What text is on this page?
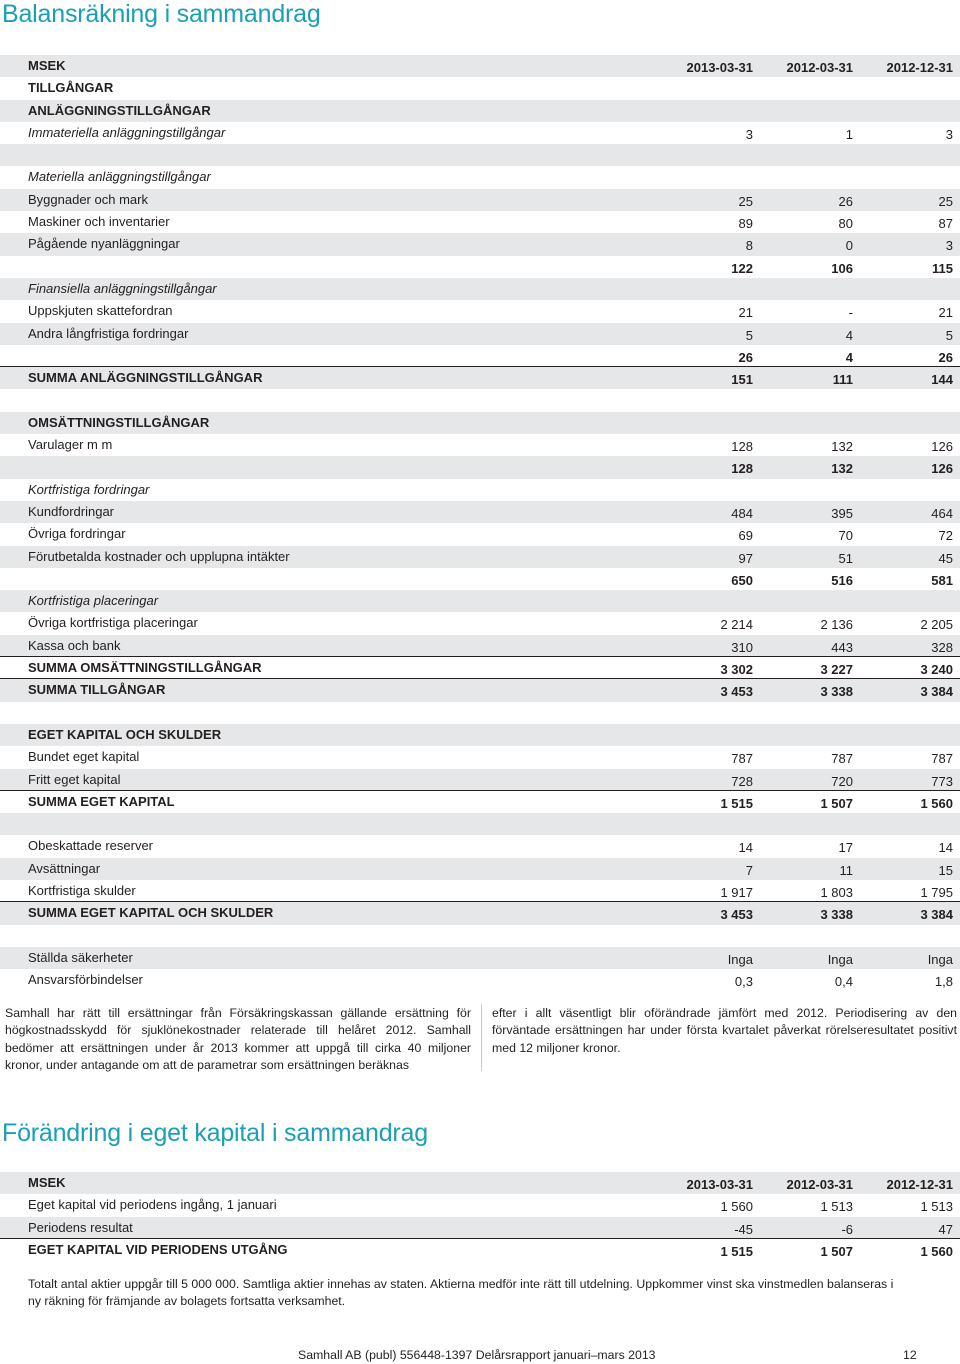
Balansräkning i sammandrag
MSEK	2013-03-31	2012-03-31	2012-12-31
TILLGÅNGAR
ANLÄGGNINGSTILLGÅNGAR
Immateriella anläggningstillgångar	3	1	3
Materiella anläggningstillgångar
Byggnader och mark	25	26	25
Maskiner och inventarier	89	80	87
Pågående nyanläggningar	8	0	3
122	106	115
Finansiella anläggningstillgångar
Uppskjuten skattefordran	21	-	21
Andra långfristiga fordringar	5	4	5
26	4	26
SUMMA ANLÄGGNINGSTILLGÅNGAR	151	111	144
OMSÄTTNINGSTILLGÅNGAR
Varulager m m	128	132	126
128	132	126
Kortfristiga fordringar
Kundfordringar	484	395	464
Övriga fordringar	69	70	72
Förutbetalda kostnader och upplupna intäkter	97	51	45
650	516	581
Kortfristiga placeringar
Övriga kortfristiga placeringar	2 214	2 136	2 205
Kassa och bank	310	443	328
SUMMA OMSÄTTNINGSTILLGÅNGAR	3 302	3 227	3 240
SUMMA TILLGÅNGAR	3 453	3 338	3 384
EGET KAPITAL OCH SKULDER
Bundet eget kapital	787	787	787
Fritt eget kapital	728	720	773
SUMMA EGET KAPITAL	1 515	1 507	1 560
Obeskattade reserver	14	17	14
Avsättningar	7	11	15
Kortfristiga skulder	1 917	1 803	1 795
SUMMA EGET KAPITAL OCH SKULDER	3 453	3 338	3 384
Ställda säkerheter	Inga	Inga	Inga
Ansvarsförbindelser	0,3	0,4	1,8
Samhall har rätt till ersättningar från Försäkringskassan gällande ersättning för högkostnadsskydd för sjuklönekostnader relaterade till helåret 2012. Samhall bedömer att ersättningen under år 2013 kommer att uppgå till cirka 40 miljoner kronor, under antagande om att de parametrar som ersättningen beräknas
efter i allt väsentligt blir oförändrade jämfört med 2012. Periodisering av den förväntade ersättningen har under första kvartalet påverkat rörelseresultatet positivt med 12 miljoner kronor.
Förändring i eget kapital i sammandrag
MSEK	2013-03-31	2012-03-31	2012-12-31
Eget kapital vid periodens ingång, 1 januari	1 560	1 513	1 513
Periodens resultat	-45	-6	47
EGET KAPITAL VID PERIODENS UTGÅNG	1 515	1 507	1 560
Totalt antal aktier uppgår till 5 000 000. Samtliga aktier innehas av staten. Aktierna medför inte rätt till utdelning. Uppkommer vinst ska vinstmedlen balanseras i ny räkning för främjande av bolagets fortsatta verksamhet.
Samhall AB (publ) 556448-1397 Delårsrapport januari–mars 2013	12
